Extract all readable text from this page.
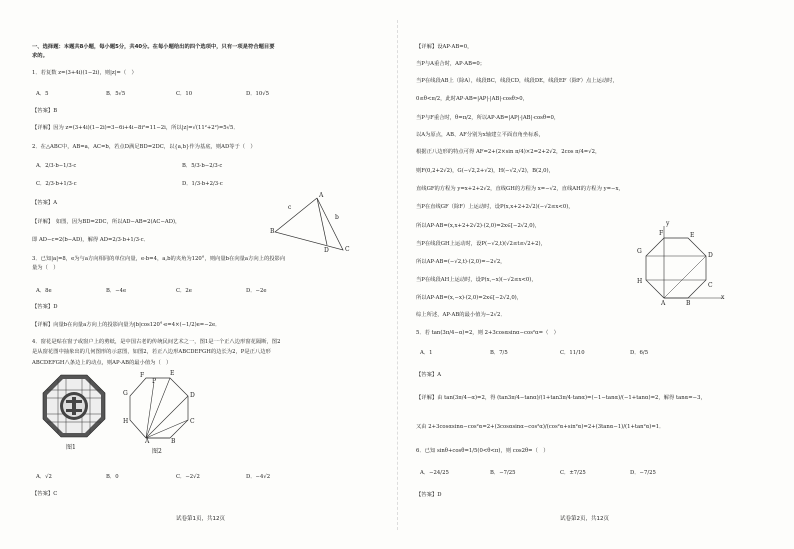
一、选择题：本题共8小题，每小题5分，共40分。在每小题给出的四个选项中，只有一项是符合题目要
求的。
1．若复数 z=(3+4i)(1−2i)，则|z|=（　）
A．5	B．5√5	C．10	D．10√5
【答案】B
【详解】因为 z=(3+4i)(1−2i)=3−6i+4i−8i²=11−2i，所以|z|=√(11²+2²)=5√5．
2．在△ABC中，AB=a，AC=b，若点D满足BD=2DC，以{a,b}作为基底，则AD等于（　）
A．2/3·b−1/3·c	B．5/3·b−2/3·c
C．2/3·b+1/3·c	D．1/3·b+2/3·c
【答案】A
【详解】　如图，因为BD=2DC，所以AD−AB=2(AC−AD)，
即 AD−c=2(b−AD)，解得 AD=2/3·b+1/3·c．
A
B
C
D
c
b
3．已知|a|=8，e为与a方向相同的单位向量，e·b=4，a,b的夹角为120°，则向量b在向量a方向上的投影向
量为（　）
A．8e	B．−4e	C．2e	D．−2e
【答案】D
【详解】向量b在向量a方向上的投影向量为|b|cos120°·e=4×(−1/2)e=−2e．
4．窗花是贴在窗子或窗户上的剪纸，是中国古老的传统民间艺术之一，图1是一个正八边形窗花隔断，图2
是从窗花图中抽象出的几何图形的示意图，如图2，若正八边形ABCDEFGH的边长为2，P是正八边形
ABCDEFGH八条边上的动点，则AP·AB的最小值为（　）
图1
A	B
C
D
E
F
G
H
P
图2
A．√2	B．0	C．−2√2	D．−4√2
【答案】C
试卷第1页，共12页
【详解】设AP·AB=0，
当P与A重合时，AP·AB=0；
当P在线段AB上（除A），线段BC，线段CD，线段DE，线段EF（除F）点上运动时，
0≤θ<π/2，此时AP·AB=|AP|·|AB|·cosθ>0，
当P与F重合时，θ=π/2，所以AP·AB=|AP|·|AB|·cosθ=0，
以A为原点，AB、AF分别为x轴建立平面直角坐标系，
根据正八边形的特点可得 AF=2+(2×sin π/4)×2=2+2√2，2cos π/4=√2，
则F(0,2+2√2)，G(−√2,2+√2)，H(−√2,√2)，B(2,0)，
直线GF的方程为 y=x+2+2√2，直线GH的方程为 x=−√2，直线AH的方程为 y=−x，
当P在直线GF（除F）上运动时，设P(x,x+2+2√2)(−√2≤x<0)，
所以AP·AB=(x,x+2+2√2)·(2,0)=2x∈[−2√2,0)，
当P在线段GH上运动时，设P(−√2,t)(√2≤t≤√2+2)，
所以AP·AB=(−√2,t)·(2,0)=−2√2，
当P在线段AH上运动时，设P(x,−x)(−√2≤x<0)，
所以AP·AB=(x,−x)·(2,0)=2x∈[−2√2,0)，
综上所述，AP·AB的最小值为−2√2．
A	B
C
D
E
F
G
H
x
y
5．若 tan(3π/4−α)=2，则 2+3cosαsinα−cos²α=（　）
A．1	B．7/5	C．11/10	D．6/5
【答案】A
【详解】由 tan(3π/4−α)=2，得 (tan3π/4−tanα)/(1+tan3π/4·tanα)=(−1−tanα)/(−1+tanα)=2，解得 tanα=−3，
又由 2+3cosαsinα−cos²α=2+(3cosαsinα−cos²α)/(cos²α+sin²α)=2+(3tanα−1)/(1+tan²α)=1．
6．已知 sinθ+cosθ=1/5(0<θ<π)，则 cos2θ=（　）
A．−24/25	B．−7/25	C．±7/25	D．−7/25
【答案】D
试卷第2页，共12页
